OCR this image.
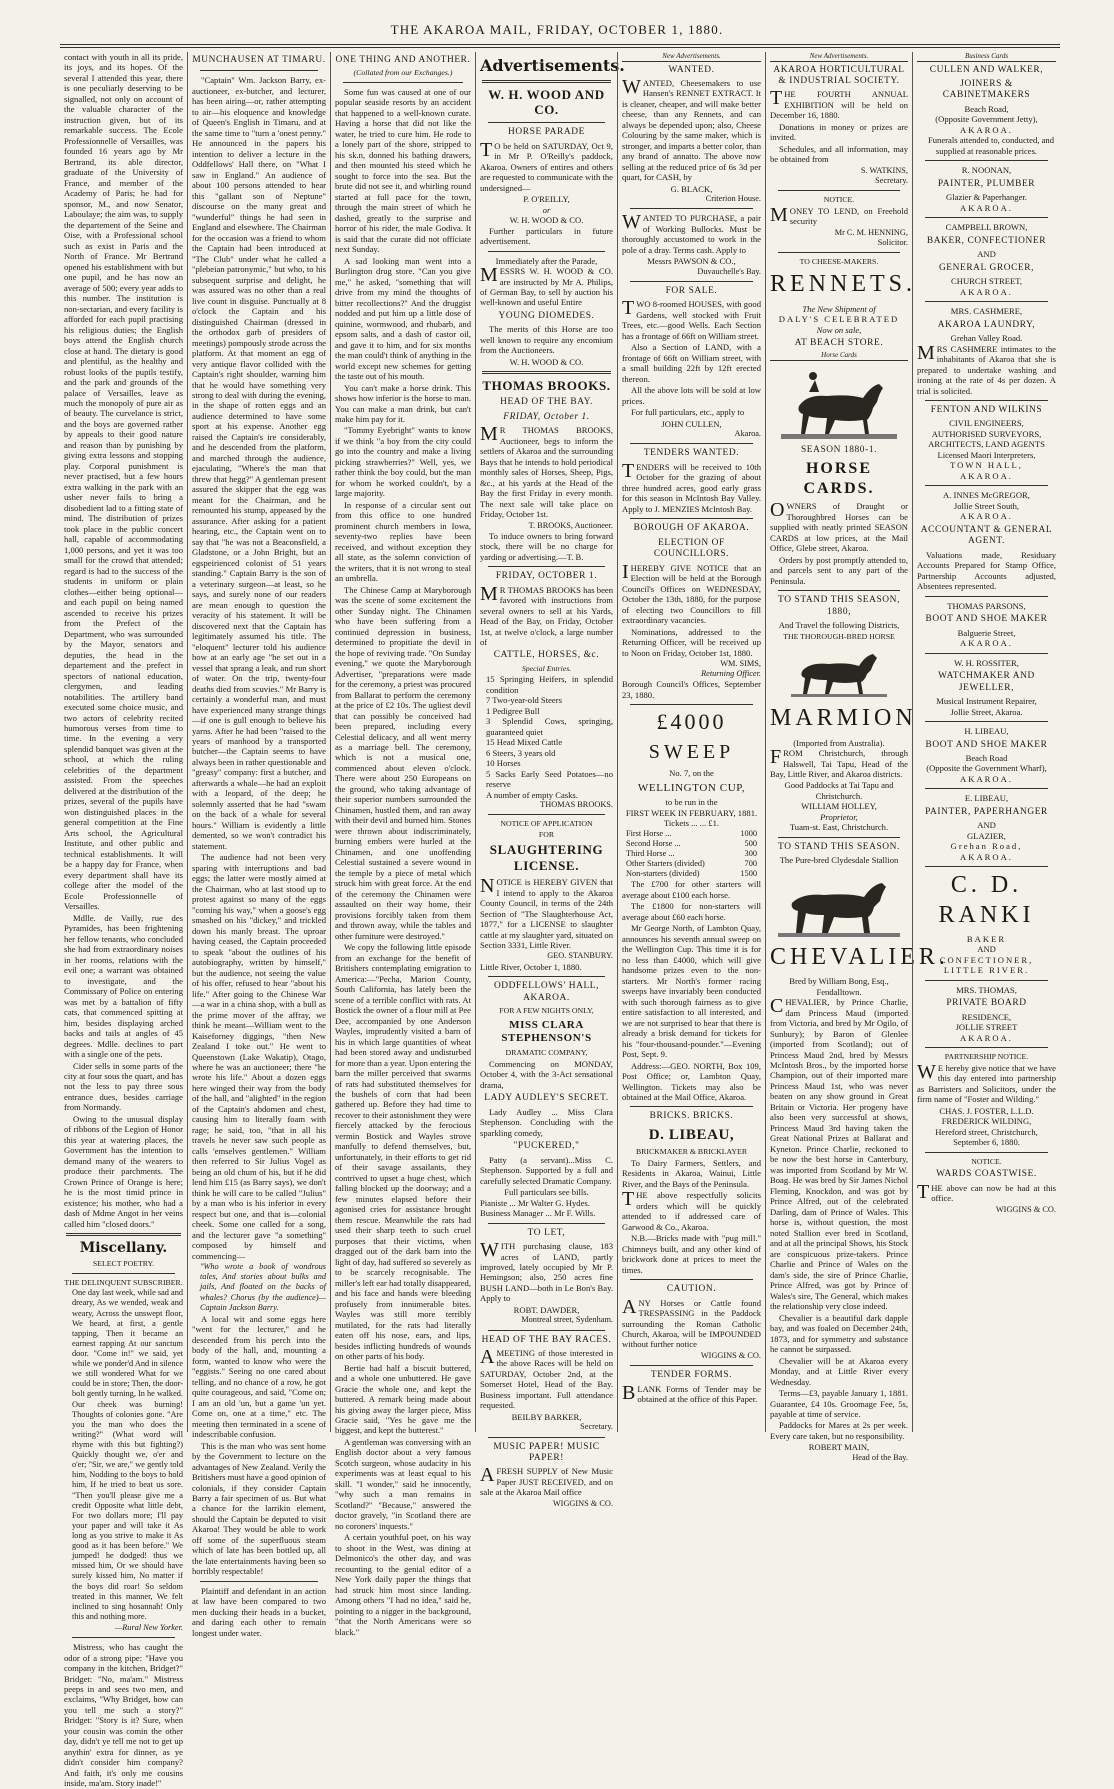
THE AKAROA MAIL, FRIDAY, OCTOBER 1, 1880.

contact with youth in all its pride, its joys, and its hopes. Of the several I attended this year, there is one peculiarly deserving to be signalled, not only on account of the valuable character of the instruction given, but of its remarkable success. The Ecole Professionnelle of Versailles, was founded 16 years ago by Mr Bertrand, its able director, graduate of the University of France, and member of the Academy of Paris; he had for sponsor, M., and now Senator, Laboulaye; the aim was, to supply the departement of the Seine and Oise, with a Professional school such as exist in Paris and the North of France. Mr Bertrand opened his establishment with but one pupil, and he has now an average of 500; every year adds to this number. The institution is non-sectarian, and every facility is afforded for each pupil practising his religious duties; the English boys attend the English church close at hand. The dietary is good and plentiful, as the healthy and robust looks of the pupils testify, and the park and grounds of the palace of Versailles, leave as much the monopoly of pure air as of beauty. The curvelance is strict, and the boys are governed rather by appeals to their good nature and reason than by punishing by giving extra lessons and stopping play. Corporal punishment is never practised, but a few hours extra walking in the park with an usher never fails to bring a disobedient lad to a fitting state of mind. The distribution of prizes took place in the public concert hall, capable of accommodating 1,000 persons, and yet it was too small for the crowd that attended; regard is had to the success of the students in uniform or plain clothes—either being optional—and each pupil on being named ascended to receive his prizes from the Prefect of the Department, who was surrounded by the Mayor, senators and deputies, the head in the departement and the prefect in spectors of national education, clergymen, and leading notabilities. The artillery band executed some choice music, and two actors of celebrity recited humorous verses from time to time. In the evening a very splendid banquet was given at the school, at which the ruling celebrities of the department assisted. From the speeches delivered at the distribution of the prizes, several of the pupils have won distinguished places in the general competition at the Fine Arts school, the Agricultural Institute, and other public and technical establishments. It will be a happy day for France, when every department shall have its college after the model of the Ecole Professionnelle of Versailles.

Mdlle. de Vailly, rue des Pyramides, has been frightening her fellow tenants, who concluded she had from extraordinary noises in her rooms, relations with the evil one; a warrant was obtained to investigate, and the Commissary of Police on entering was met by a battalion of fifty cats, that commenced spitting at him, besides displaying arched backs and tails at angles of 45 degrees. Mdlle. declines to part with a single one of the pets.

Cider sells in some parts of the city at four sous the quart, and has not the less to pay three sous entrance dues, besides carriage from Normandy.

Owing to the unusual display of ribbons of the Legion of Honor this year at watering places, the Government has the intention to demand many of the wearers to produce their parchments. The Crown Prince of Orange is here; he is the most timid prince in existence; his mother, who had a dash of Mdme Angot in her veins called him "closed doors."

Miscellany.
SELECT POETRY.
THE DELINQUENT SUBSCRIBER.

One day last week, while sad and dreary, As we wended, weak and weary, Across the unswept floor, We heard, at first, a gentle tapping, Then it became an earnest rapping At our sanctum door. "Come in!" we said, yet while we ponder'd And in silence we still wondered What for we could be in store; Then, the door-bolt gently turning, In he walked. Our cheek was burning! Thoughts of colonies gone. "Are you the man who does the writing?" (What word will rhyme with this but fighting?) Quickly thought we, o'er and o'er; "Sir, we are," we gently told him, Nodding to the boys to hold him, If he tried to beat us sore. "Then you'll please give me a credit Opposite what little debt, For two dollars more; I'll pay your paper and will take it As long as you strive to make it As good as it has been before." We jumped! he dodged! thus we missed him, Or we should have surely kissed him, No matter if the boys did roar! So seldom treated in this manner, We felt inclined to sing hosannah! Only this and nothing more.

—Rural New Yorker.

Mistress, who has caught the odor of a strong pipe: "Have you company in the kitchen, Bridget?" Bridget: "No, ma'am." Mistress peeps in and sees two men, and exclaims, "Why Bridget, how can you tell me such a story?" Bridget: "Story is it? Sure, when your cousin was comin the other day, didn't ye tell me not to get up anythin' extra for dinner, as ye didn't consider him company? And faith, it's only me cousins inside, ma'am. Story inade!"

MUNCHAUSEN AT TIMARU.

"Captain" Wm. Jackson Barry, ex-auctioneer, ex-butcher, and lecturer, has been airing—or, rather attempting to air—his eloquence and knowledge of Queen's English in Timaru, and at the same time to "turn a 'onest penny." He announced in the papers his intention to deliver a lecture in the Oddfellows' Hall there, on "What I saw in England." An audience of about 100 persons attended to hear this "gallant son of Neptune" discourse on the many great and "wunderful" things he had seen in England and elsewhere. The Chairman for the occasion was a friend to whom the Captain had been introduced at "The Club" under what he called a "plebeian patronymic," but who, to his subsequent surprise and delight, he was assured was no other than a real live count in disguise. Punctually at 8 o'clock the Captain and his distinguished Chairman (dressed in the orthodox garb of presiders of meetings) pompously strode across the platform. At that moment an egg of very antique flavor collided with the Captain's right shoulder, warning him that he would have something very strong to deal with during the evening, in the shape of rotten eggs and an audience determined to have some sport at his expense. Another egg raised the Captain's ire considerably, and he descended from the platform, and marched through the audience, ejaculating, "Where's the man that threw that hegg?" A gentleman present assured the skipper that the egg was meant for the Chairman, and he remounted his stump, appeased by the assurance. After asking for a patient hearing, etc., the Captain went on to say that "he was not a Beaconsfield, a Gladstone, or a John Bright, but an egspeirienced colonist of 51 years standing." Captain Barry is the son of a veterinary surgeon—at least, so he says, and surely none of our readers are mean enough to question the veracity of his statement. It will be discovered next that the Captain has legitimately assumed his title. The "eloquent" lecturer told his audience how at an early age "he set out in a vessel that sprang a leak, and run short of water. On the trip, twenty-four deaths died from scuvies." Mr Barry is certainly a wonderful man, and must have experienced many strange things—if one is gull enough to believe his yarns. After he had been "raised to the years of manhood by a transported butcher—the Captain seems to have always been in rather questionable and "greasy" company: first a butcher, and afterwards a whale—he had an exploit with a leopard, of the deep; he solemnly asserted that he had "swam on the back of a whale for several hours." William is evidently a little demented, so we won't contradict his statement.

The audience had not been very sparing with interruptions and bad eggs; the latter were mostly aimed at the Chairman, who at last stood up to protest against so many of the eggs "coming his way," when a goose's egg smashed on his "dickey," and trickled down his manly breast. The uproar having ceased, the Captain proceeded to speak "about the outlines of his autobiography, written by himself," but the audience, not seeing the value of his offer, refused to hear "about his life." After going to the Chinese War—a war in a china shop, with a bull as the prime mover of the affray, we think he meant—William went to the Kaiseforney diggings, "then New Zealand I toke out." He went to Queenstown (Lake Wakatip), Otago, where he was an auctioneer; there "he wrote his life." About a dozen eggs here winged their way from the body of the hall, and "alighted" in the region of the Captain's abdomen and chest, causing him to literally foam with rage; he said, too, "that in all his travels he never saw such people as calls 'emselves gentlemen." William then referred to Sir Julius Vogel as being an old chum of his, but if he did lend him £15 (as Barry says), we don't think he will care to be called "Julius" by a man who is his inferior in every respect but one, and that is—colonial cheek. Some one called for a song, and the lecturer gave "a something" composed by himself and commencing—

"Who wrote a book of wondrous tales, And stories about bulks and jails, And floated on the backs of whales? Chorus (by the audience)— Captain Jackson Barry.

A local wit and some eggs here "went for the lecturer," and he descended from his perch into the body of the hall, and, mounting a form, wanted to know who were the "eggists." Seeing no one cared about telling, and no chance of a row, he got quite courageous, and said, "Come on; I am an old 'un, but a game 'un yet. Come on, one at a time," etc. The meeting then terminated in a scene of indescribable confusion.

This is the man who was sent home by the Government to lecture on the advantages of New Zealand. Verily the Britishers must have a good opinion of colonials, if they consider Captain Barry a fair specimen of us. But what a chance for the larrikin element, should the Captain be deputed to visit Akaroa! They would be able to work off some of the superfluous steam which of late has been bottled up, all the late entertainments having been so horribly respectable!

Plaintiff and defendant in an action at law have been compared to two men ducking their heads in a bucket, and daring each other to remain longest under water.

ONE THING AND ANOTHER.
(Collated from our Exchanges.)

Some fun was caused at one of our popular seaside resorts by an accident that happened to a well-known curate. Having a horse that did not like the water, he tried to cure him. He rode to a lonely part of the shore, stripped to his sk.n, donned his bathing drawers, and then mounted his steed which he sought to force into the sea. But the brute did not see it, and whirling round started at full pace for the town, through the main street of which he dashed, greatly to the surprise and horror of his rider, the male Godiva. It is said that the curate did not officiate next Sunday.

A sad looking man went into a Burlington drug store. "Can you give me," he asked, "something that will drive from my mind the thoughts of bitter recollections?" And the druggist nodded and put him up a little dose of quinine, wormwood, and rhubarb, and epsom salts, and a dash of castor oil, and gave it to him, and for six months the man could't think of anything in the world except new schemes for getting the taste out of his mouth.

You can't make a horse drink. This shows how inferior is the horse to man. You can make a man drink, but can't make him pay for it.

"Tommy Eyebright" wants to know if we think "a boy from the city could go into the country and make a living picking strawberries?" Well, yes, we rather think the boy could, but the man for whom he worked couldn't, by a large majority.

In response of a circular sent out from this office to one hundred prominent church members in Iowa, seventy-two replies have been received, and without exception they all state, as the solemn conviction of the writers, that it is not wrong to steal an umbrella.

The Chinese Camp at Maryborough was the scene of some excitement the other Sunday night. The Chinamen who have been suffering from a continued depression in business, determined to propitiate the devil in the hope of reviving trade. "On Sunday evening," we quote the Maryborough Advertiser, "preparations were made for the ceremony, a priest was procured from Ballarat to perform the ceremony at the price of £2 10s. The ugliest devil that can possibly be conceived had been prepared, including every Celestial delicacy, and all went merry as a marriage bell. The ceremony, which is not a musical one, commenced about eleven o'clock. There were about 250 Europeans on the ground, who taking advantage of their superior numbers surrounded the Chinamen, hustled them, and ran away with their devil and burned him. Stones were thrown about indiscriminately, burning embers were hurled at the Chinamen, and one unoffending Celestial sustained a severe wound in the temple by a piece of metal which struck him with great force. At the end of the ceremony the Chinamen were assaulted on their way home, their provisions forcibly taken from them and thrown away, while the tables and other furniture were destroyed."

We copy the following little episode from an exchange for the benefit of Britishers contemplating emigration to America:—"Pecha, Marion County, South California, has lately been the scene of a terrible conflict with rats. At Bostick the owner of a flour mill at Pee Dee, accompanied by one Anderson Wayles, imprudently visited a barn of his in which large quantities of wheat had been stored away and undisturbed for more than a year. Upon entering the barn the miller perceived that swarms of rats had substituted themselves for the bushels of corn that had been gathered up. Before they had time to recover to their astonishment they were fiercely attacked by the ferocious vermin Bostick and Wayles strove manfully to defend themselves, but, unfortunately, in their efforts to get rid of their savage assailants, they contrived to upset a huge chest, which falling blocked up the doorway; and a few minutes elapsed before their agonised cries for assistance brought them rescue. Meanwhile the rats had used their sharp teeth to such cruel purposes that their victims, when dragged out of the dark barn into the light of day, had suffered so severely as to be scarcely recognisable. The miller's left ear had totally disappeared, and his face and hands were bleeding profusely from innumerable bites. Wayles was still more terribly mutilated, for the rats had literally eaten off his nose, ears, and lips, besides inflicting hundreds of wounds on other parts of his body.

Bertie had half a biscuit buttered, and a whole one unbuttered. He gave Gracie the whole one, and kept the buttered. A remark being made about his giving away the larger piece, Miss Gracie said, "Yes he gave me the biggest, and kept the butterest."

A gentleman was conversing with an English doctor about a very famous Scotch surgeon, whose audacity in his experiments was at least equal to his skill. "I wonder," said he innocently, "why such a man remains in Scotland?" "Because," answered the doctor gravely, "in Scotland there are no coroners' inquests."

A certain youthful poet, on his way to shoot in the West, was dining at Delmonico's the other day, and was recounting to the genial editor of a New York daily paper the things that had struck him most since landing. Among others "I had no idea," said he, pointing to a nigger in the background, "that the North Americans were so black."

Advertisements.
W. H. WOOD AND CO.
HORSE PARADE

TO be held on SATURDAY, Oct 9, in Mr P. O'Reilly's paddock, Akaroa. Owners of entires and others are requested to communicate with the undersigned—

P. O'REILLY,
or
W. H. WOOD & CO.

Further particulars in future advertisement.

Immediately after the Parade,

MESSRS W. H. WOOD & CO. are instructed by Mr A. Philips, of German Bay, to sell by auction his well-known and useful Entire

YOUNG DIOMEDES.

The merits of this Horse are too well known to require any encomium from the Auctioneers.

W. H. WOOD & CO.
THOMAS BROOKS.
HEAD OF THE BAY.
FRIDAY, October 1.

MR THOMAS BROOKS, Auctioneer, begs to inform the settlers of Akaroa and the surrounding Bays that he intends to hold periodical monthly sales of Horses, Sheep, Pigs, &c., at his yards at the Head of the Bay the first Friday in every month. The next sale will take place on Friday, October 1st.

T. BROOKS, Auctioneer.

To induce owners to bring forward stock, there will be no charge for yarding or advertising.—T. B.

FRIDAY, OCTOBER 1.

MR THOMAS BROOKS has been favored with instructions from several owners to sell at his Yards, Head of the Bay, on Friday, October 1st, at twelve o'clock, a large number of

CATTLE, HORSES, &c.
Special Entries.
15 Springing Heifers, in splendid condition
7 Two-year-old Steers
1 Pedigree Bull
3 Splendid Cows, springing, guaranteed quiet
15 Head Mixed Cattle
6 Steers, 3 years old
10 Horses
5 Sacks Early Seed Potatoes—no reserve
A number of empty Casks.
THOMAS BROOKS.
NOTICE OF APPLICATION
FOR
SLAUGHTERING LICENSE.

NOTICE is HEREBY GIVEN that I intend to apply to the Akaroa County Council, in terms of the 24th Section of "The Slaughterhouse Act, 1877," for a LICENSE to slaughter cattle at my slaughter yard, situated on Section 3331, Little River.

GEO. STANBURY.
Little River, October 1, 1880.
ODDFELLOWS' HALL, AKAROA.
FOR A FEW NIGHTS ONLY,
MISS CLARA STEPHENSON'S
DRAMATIC COMPANY,

Commencing on MONDAY, October 4, with the 3-Act sensational drama,

LADY AUDLEY'S SECRET.

Lady Audley ... Miss Clara Stephenson. Concluding with the sparkling comedy,

"PUCKERED,"

Patty (a servant)...Miss C. Stephenson. Supported by a full and carefully selected Dramatic Company.

Full particulars see bills.
Pianiste ... Mr Walter G. Hydes.
Business Manager ... Mr F. Wills.
TO LET,

WITH purchasing clause, 183 acres of LAND, partly improved, lately occupied by Mr P. Hemingson; also, 250 acres fine BUSH LAND—both in Le Bon's Bay. Apply to

ROBT. DAWDER,
Montreal street, Sydenham.
HEAD OF THE BAY RACES.

AMEETING of those interested in the above Races will be held on SATURDAY, October 2nd, at the Somerset Hotel, Head of the Bay. Business important. Full attendance requested.

BEILBY BARKER,
Secretary.
MUSIC PAPER! MUSIC PAPER!

AFRESH SUPPLY of New Music Paper JUST RECEIVED, and on sale at the Akaroa Mail office

WIGGINS & CO.
New Advertisements.
WANTED.

WANTED, Cheesemakers to use Hansen's RENNET EXTRACT. It is cleaner, cheaper, and will make better cheese, than any Rennets, and can always be depended upon; also, Cheese Colouring by the same maker, which is stronger, and imparts a better color, than any brand of annatto. The above now selling at the reduced price of 6s 3d per quart, for CASH, by

G. BLACK,
Criterion House.

WANTED TO PURCHASE, a pair of Working Bullocks. Must be thoroughly accustomed to work in the pole of a dray. Terms cash. Apply to

Messrs PAWSON & CO.,
Duvauchelle's Bay.
FOR SALE.

TWO 8-roomed HOUSES, with good Gardens, well stocked with Fruit Trees, etc.—good Wells. Each Section has a frontage of 66ft on William street.

Also a Section of LAND, with a frontage of 66ft on William street, with a small building 22ft by 12ft erected thereon.

All the above lots will be sold at low prices.

For full particulars, etc., apply to

JOHN CULLEN,
Akaroa.
TENDERS WANTED.

TENDERS will be received to 10th October for the grazing of about three hundred acres, good early grass for this season in McIntosh Bay Valley. Apply to J. MENZIES McIntosh Bay.

BOROUGH OF AKAROA.
ELECTION OF COUNCILLORS.

IHEREBY GIVE NOTICE that an Election will be held at the Borough Council's Offices on WEDNESDAY, October the 13th, 1880, for the purpose of electing two Councillors to fill extraordinary vacancies.

Nominations, addressed to the Returning Officer, will be received up to Noon on Friday, October 1st, 1880.

WM. SIMS,
Returning Officer.
Borough Council's Offices, September 23, 1880.
£4000
SWEEP
No. 7, on the
WELLINGTON CUP,
to be run in the
FIRST WEEK IN FEBRUARY, 1881.
Tickets ... ... £1.
First Horse ...	1000
Second Horse ...	500
Third Horse ...	300
Other Starters (divided)	700
Non-starters (divided)	1500

The £700 for other starters will average about £100 each horse.

The £1800 for non-starters will average about £60 each horse.

Mr George North, of Lambton Quay, announces his seventh annual sweep on the Wellington Cup. This time it is for no less than £4000, which will give handsome prizes even to the non-starters. Mr North's former racing sweeps have invariably been conducted with such thorough fairness as to give entire satisfaction to all interested, and we are not surprised to hear that there is already a brisk demand for tickets for his "four-thousand-pounder."—Evening Post, Sept. 9.

Address:—GEO. NORTH, Box 109, Post Office; or, Lambton Quay, Wellington. Tickets may also be obtained at the Mail Office, Akaroa.

BRICKS. BRICKS.
D. LIBEAU,
BRICKMAKER & BRICKLAYER

To Dairy Farmers, Settlers, and Residents in Akaroa, Wainui, Little River, and the Bays of the Peninsula.

THE above respectfully solicits orders which will be quickly attended to if addressed care of Garwood & Co., Akaroa.

N.B.—Bricks made with "pug mill." Chimneys built, and any other kind of brickwork done at prices to meet the times.

CAUTION.

ANY Horses or Cattle found TRESPASSING in the Paddock surrounding the Roman Catholic Church, Akaroa, will be IMPOUNDED without further notice

WIGGINS & CO.
TENDER FORMS.

BLANK Forms of Tender may be obtained at the office of this Paper.

New Advertisements.
AKAROA HORTICULTURAL & INDUSTRIAL SOCIETY.

THE FOURTH ANNUAL EXHIBITION will be held on December 16, 1880.

Donations in money or prizes are invited.

Schedules, and all information, may be obtained from

S. WATKINS,
Secretary.
NOTICE.

MONEY TO LEND, on Freehold security

Mr C. M. HENNING,
Solicitor.
TO CHEESE-MAKERS.
RENNETS.
The New Shipment of
DALY'S CELEBRATED
Now on sale,
AT BEACH STORE.
Horse Cards
SEASON 1880-1.
HORSE CARDS.

OWNERS of Draught or Thoroughbred Horses can be supplied with neatly printed SEASON CARDS at low prices, at the Mail Office, Glebe street, Akaroa.

Orders by post promptly attended to, and parcels sent to any part of the Peninsula.

TO STAND THIS SEASON, 1880,
And Travel the following Districts,
THE THOROUGH-BRED HORSE
MARMION
(Imported from Australia).

FROM Christchurch, through Halswell, Tai Tapu, Head of the Bay, Little River, and Akaroa districts.

Good Paddocks at Tai Tapu and Christchurch.
WILLIAM HOLLEY,
Proprietor,
Tuam-st. East, Christchurch.
TO STAND THIS SEASON.
The Pure-bred Clydesdale Stallion
CHEVALIER.
Bred by William Bong, Esq., Fendalltown.

CHEVALIER, by Prince Charlie, dam Princess Maud (imported from Victoria, and bred by Mr Ogilo, of Sunbury); by Baron of Glenlee (imported from Scotland); out of Princess Maud 2nd, bred by Messrs McIntosh Bros., by the imported horse Champion, out of their imported mare Princess Maud 1st, who was never beaten on any show ground in Great Britain or Victoria. Her progeny have also been very successful at shows, Princess Maud 3rd having taken the Great National Prizes at Ballarat and Kyneton. Prince Charlie, reckoned to be now the best horse in Canterbury, was imported from Scotland by Mr W. Boag. He was bred by Sir James Nichol Fleming, Knockdon, and was got by Prince Alfred, out of the celebrated Darling, dam of Prince of Wales. This horse is, without question, the most noted Stallion ever bred in Scotland, and at all the principal Shows, his Stock are conspicuous prize-takers. Prince Charlie and Prince of Wales on the dam's side, the sire of Prince Charlie, Prince Alfred, was got by Prince of Wales's sire, The General, which makes the relationship very close indeed.

Chevalier is a beautiful dark dapple bay, and was foaled on December 24th, 1873, and for symmetry and substance he cannot be surpassed.

Chevalier will be at Akaroa every Monday, and at Little River every Wednesday.

Terms—£3, payable January 1, 1881. Guarantee, £4 10s. Groomage Fee, 5s, payable at time of service.

Paddocks for Mares at 2s per week. Every care taken, but no responsibility.

ROBERT MAIN,
Head of the Bay.
Business Cards
CULLEN AND WALKER,
JOINERS & CABINETMAKERS
Beach Road,
(Opposite Government Jetty),
AKAROA.

Funerals attended to, conducted, and supplied at reasonable prices.

R. NOONAN,
PAINTER, PLUMBER
Glazier & Paperhanger.
AKAROA.
CAMPBELL BROWN,
BAKER, CONFECTIONER
AND
GENERAL GROCER,
CHURCH STREET,
AKAROA.
MRS. CASHMERE,
AKAROA LAUNDRY,
Grehan Valley Road.

MRS CASHMERE intimates to the inhabitants of Akaroa that she is prepared to undertake washing and ironing at the rate of 4s per dozen. A trial is solicited.

FENTON AND WILKINS
CIVIL ENGINEERS,
AUTHORISED SURVEYORS,
ARCHITECTS, LAND AGENTS
Licensed Maori Interpreters,
TOWN HALL,
AKAROA.
A. INNES McGREGOR,
Jollie Street South,
AKAROA.
ACCOUNTANT & GENERAL AGENT.

Valuations made, Residuary Accounts Prepared for Stamp Office, Partnership Accounts adjusted, Absentees represented.

THOMAS PARSONS,
BOOT AND SHOE MAKER
Balguerie Street,
AKAROA.
W. H. ROSSITER,
WATCHMAKER AND JEWELLER,
Musical Instrument Repairer,
Jollie Street, Akaroa.
H. LIBEAU,
BOOT AND SHOE MAKER
Beach Road
(Opposite the Government Wharf),
AKAROA.
E. LIBEAU,
PAINTER, PAPERHANGER
AND
GLAZIER,
Grehan Road,
AKAROA.
C. D. RANKI
BAKER
AND
CONFECTIONER,
LITTLE RIVER.
MRS. THOMAS,
PRIVATE BOARD
RESIDENCE,
JOLLIE STREET
AKAROA.
PARTNERSHIP NOTICE.

WE hereby give notice that we have this day entered into partnership as Barristers and Solicitors, under the firm name of "Foster and Wilding."

CHAS. J. FOSTER, L.L.D.
FREDERICK WILDING,
Hereford street, Christchurch, September 6, 1880.
NOTICE.
WARDS COASTWISE.

THE above can now be had at this office.

WIGGINS & CO.
